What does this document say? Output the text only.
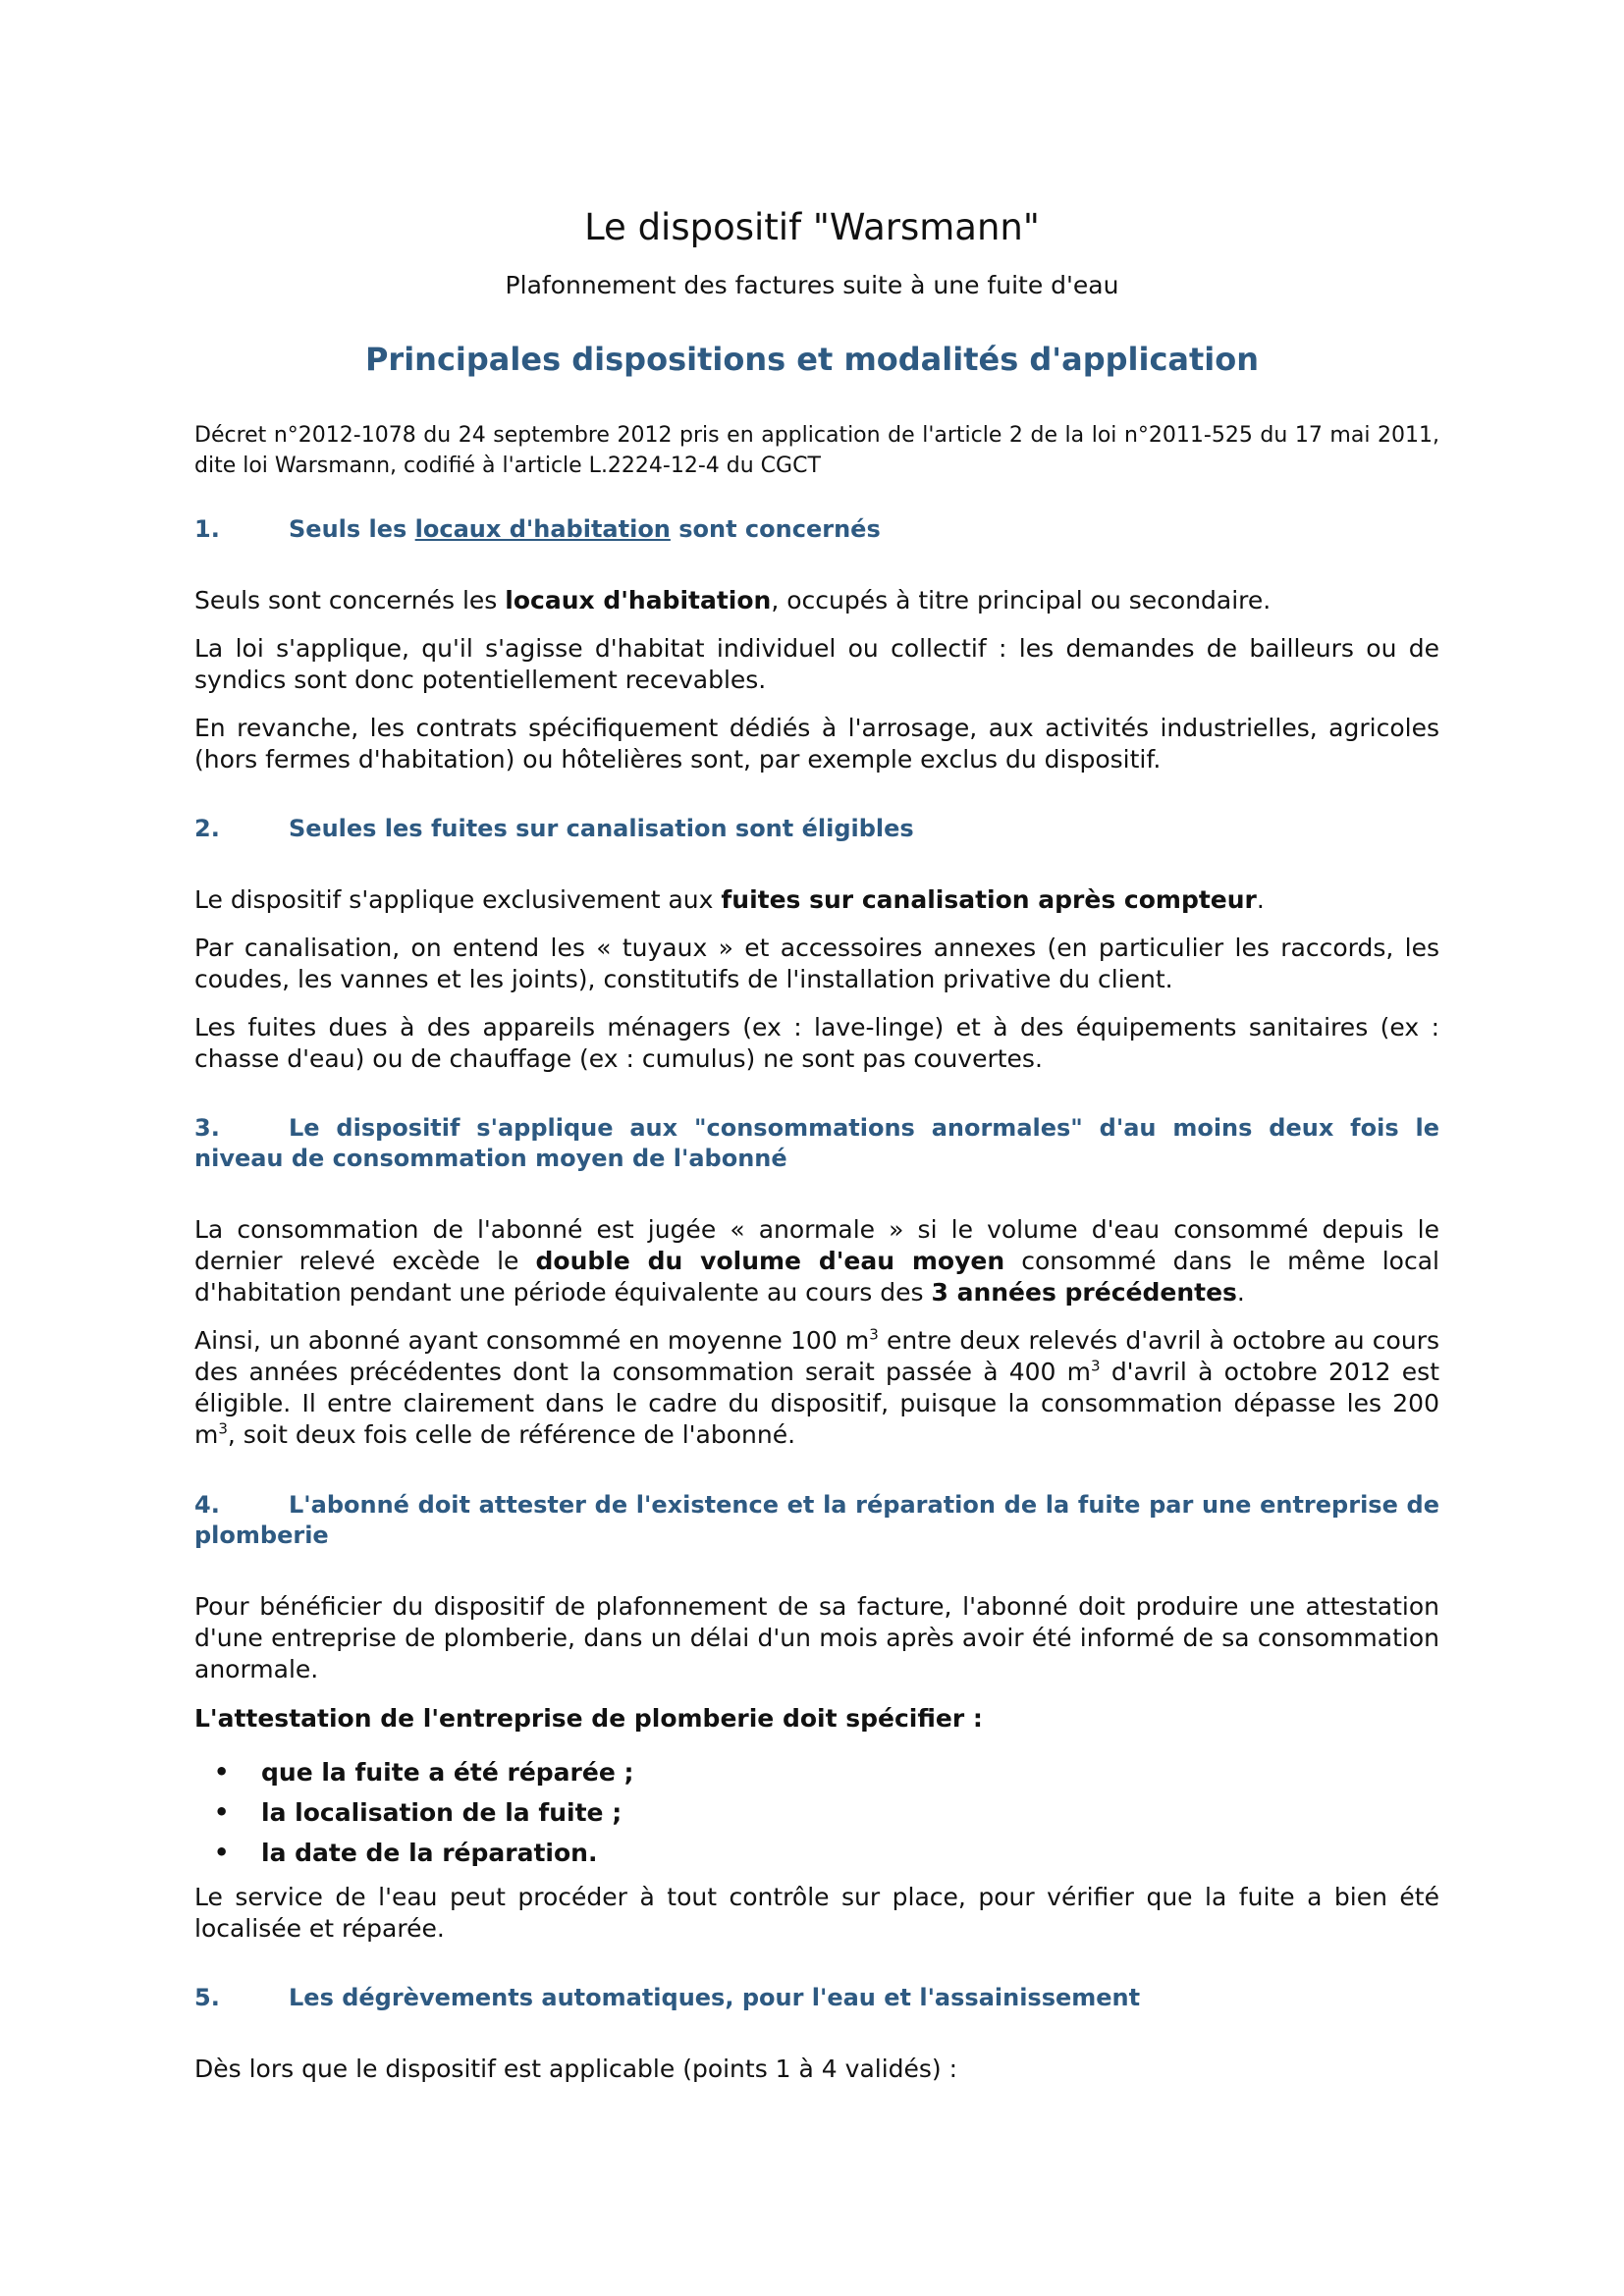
Le dispositif "Warsmann"
Plafonnement des factures suite à une fuite d'eau
Principales dispositions et modalités d'application
Décret n°2012-1078 du 24 septembre 2012 pris en application de l'article 2 de la loi n°2011-525 du 17 mai 2011, dite loi Warsmann, codifié à l'article L.2224-12-4 du CGCT
1.	Seuls les locaux d'habitation sont concernés

Seuls sont concernés les locaux d'habitation, occupés à titre principal ou secondaire.

La loi s'applique, qu'il s'agisse d'habitat individuel ou collectif : les demandes de bailleurs ou de syndics sont donc potentiellement recevables.

En revanche, les contrats spécifiquement dédiés à l'arrosage, aux activités industrielles, agricoles (hors fermes d'habitation) ou hôtelières sont, par exemple exclus du dispositif.

2.	Seules les fuites sur canalisation sont éligibles

Le dispositif s'applique exclusivement aux fuites sur canalisation après compteur.

Par canalisation, on entend les « tuyaux » et accessoires annexes (en particulier les raccords, les coudes, les vannes et les joints), constitutifs de l'installation privative du client.

Les fuites dues à des appareils ménagers (ex : lave-linge) et à des équipements sanitaires (ex : chasse d'eau) ou de chauffage (ex : cumulus) ne sont pas couvertes.

3.	Le dispositif s'applique aux "consommations anormales" d'au moins deux fois le niveau de consommation moyen de l'abonné

La consommation de l'abonné est jugée « anormale » si le volume d'eau consommé depuis le dernier relevé excède le double du volume d'eau moyen consommé dans le même local d'habitation pendant une période équivalente au cours des 3 années précédentes.

Ainsi, un abonné ayant consommé en moyenne 100 $m^3$ entre deux relevés d'avril à octobre au cours des années précédentes dont la consommation serait passée à 400 $m^3$ d'avril à octobre 2012 est éligible. Il entre clairement dans le cadre du dispositif, puisque la consommation dépasse les 200 $m^3$, soit deux fois celle de référence de l'abonné.

4.	L'abonné doit attester de l'existence et la réparation de la fuite par une entreprise de plomberie

Pour bénéficier du dispositif de plafonnement de sa facture, l'abonné doit produire une attestation d'une entreprise de plomberie, dans un délai d'un mois après avoir été informé de sa consommation anormale.

L'attestation de l'entreprise de plomberie doit spécifier :

• que la fuite a été réparée ;
• la localisation de la fuite ;
• la date de la réparation.

Le service de l'eau peut procéder à tout contrôle sur place, pour vérifier que la fuite a bien été localisée et réparée.

5.	Les dégrèvements automatiques, pour l'eau et l'assainissement

Dès lors que le dispositif est applicable (points 1 à 4 validés) :
